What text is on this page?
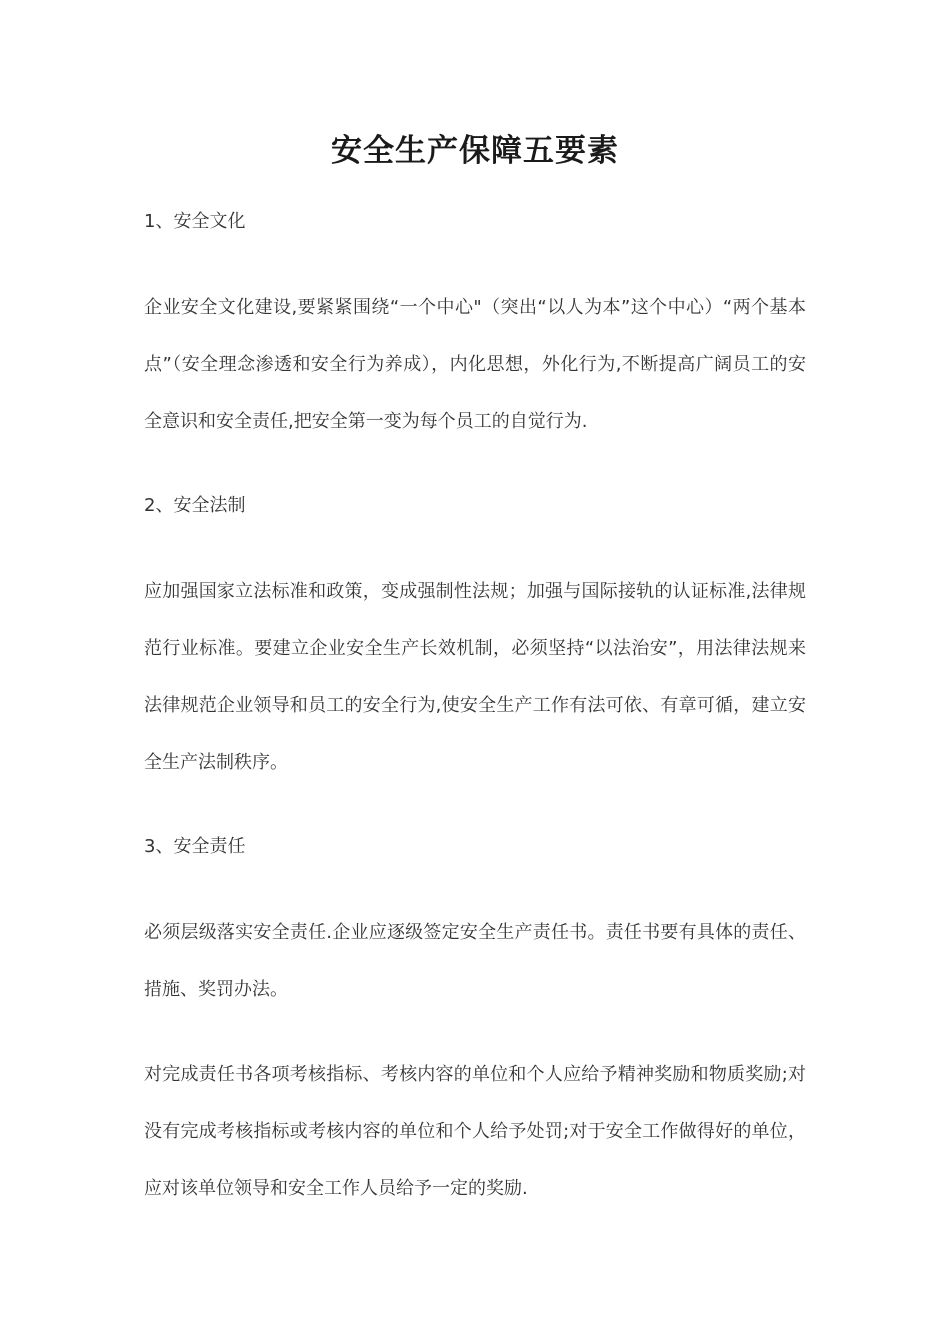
安全生产保障五要素
1、安全文化

企业安全文化建设,要紧紧围绕“一个中心"（突出“以人为本”这个中心）“两个基本点”（安全理念渗透和安全行为养成），内化思想，外化行为,不断提高广阔员工的安全意识和安全责任,把安全第一变为每个员工的自觉行为.

2、安全法制

应加强国家立法标准和政策，变成强制性法规；加强与国际接轨的认证标准,法律规范行业标准。要建立企业安全生产长效机制，必须坚持“以法治安”，用法律法规来法律规范企业领导和员工的安全行为,使安全生产工作有法可依、有章可循，建立安全生产法制秩序。

3、安全责任

必须层级落实安全责任.企业应逐级签定安全生产责任书。责任书要有具体的责任、措施、奖罚办法。

对完成责任书各项考核指标、考核内容的单位和个人应给予精神奖励和物质奖励;对没有完成考核指标或考核内容的单位和个人给予处罚;对于安全工作做得好的单位，应对该单位领导和安全工作人员给予一定的奖励.
